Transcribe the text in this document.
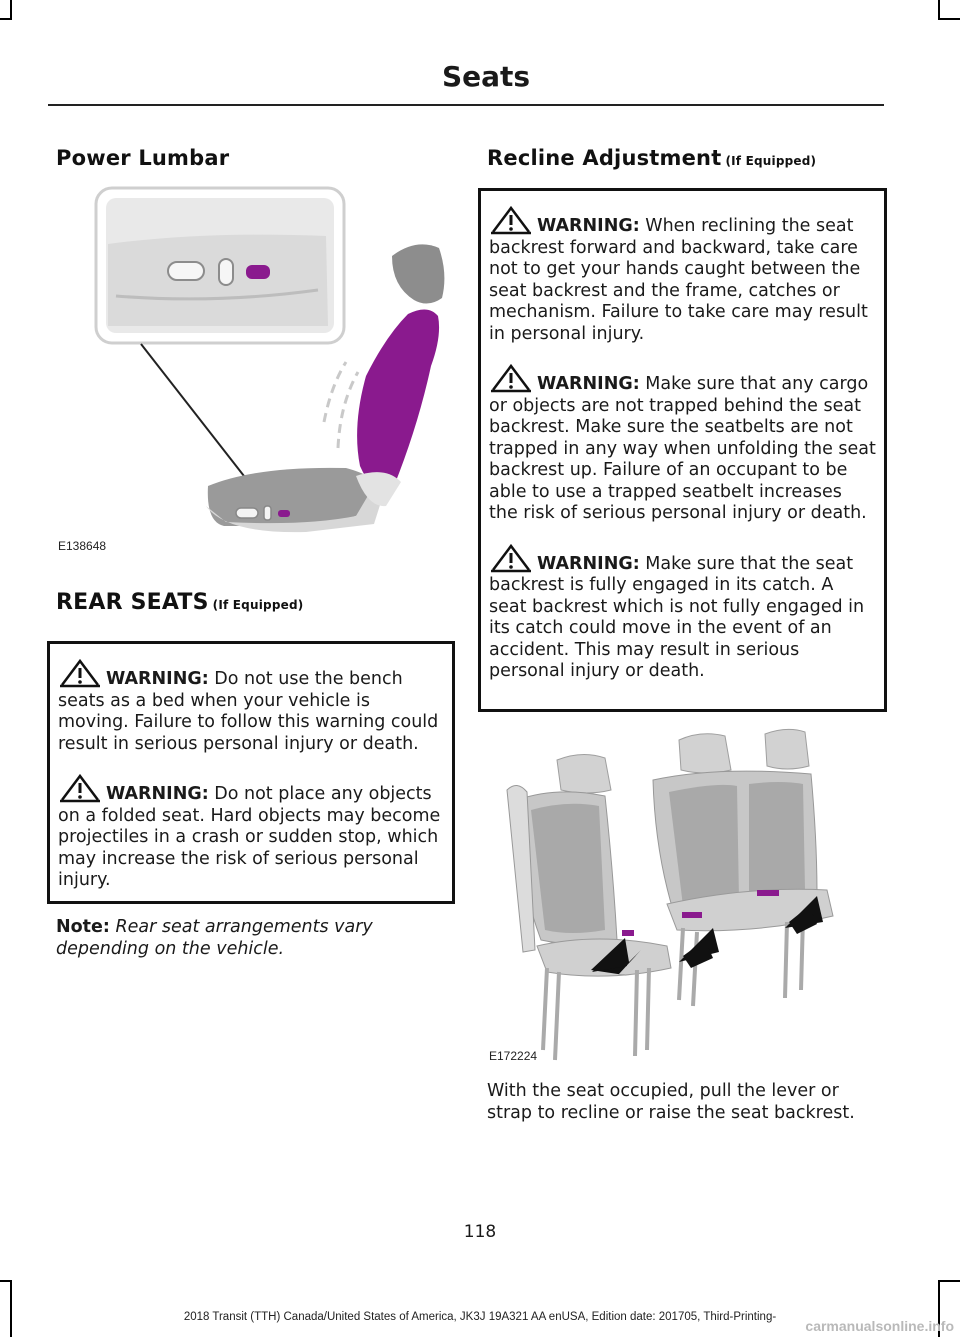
Seats
Power Lumbar
E138648
REAR SEATS (If Equipped)
WARNING: Do not use the bench seats as a bed when your vehicle is moving. Failure to follow this warning could result in serious personal injury or death.
WARNING: Do not place any objects on a folded seat. Hard objects may become projectiles in a crash or sudden stop, which may increase the risk of serious personal injury.

Note: Rear seat arrangements vary depending on the vehicle.

Recline Adjustment (If Equipped)
WARNING: When reclining the seat backrest forward and backward, take care not to get your hands caught between the seat backrest and the frame, catches or mechanism. Failure to take care may result in personal injury.
WARNING: Make sure that any cargo or objects are not trapped behind the seat backrest. Make sure the seatbelts are not trapped in any way when unfolding the seat backrest up. Failure of an occupant to be able to use a trapped seatbelt increases the risk of serious personal injury or death.
WARNING: Make sure that the seat backrest is fully engaged in its catch. A seat backrest which is not fully engaged in its catch could move in the event of an accident. This may result in serious personal injury or death.
E172224

With the seat occupied, pull the lever or strap to recline or raise the seat backrest.

118
2018 Transit (TTH) Canada/United States of America, JK3J 19A321 AA enUSA, Edition date: 201705, Third-Printing-
carmanualsonline.info
